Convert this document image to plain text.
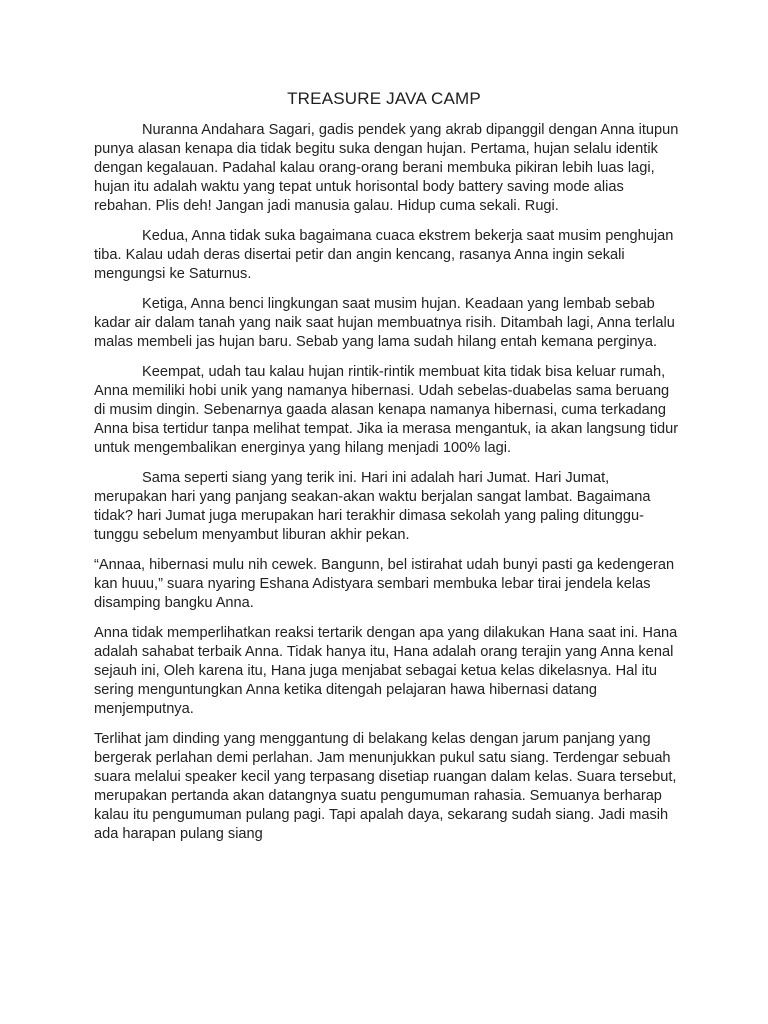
TREASURE JAVA CAMP

Nuranna Andahara Sagari, gadis pendek yang akrab dipanggil dengan Anna itupun punya alasan kenapa dia tidak begitu suka dengan hujan. Pertama, hujan selalu identik dengan kegalauan. Padahal kalau orang-orang berani membuka pikiran lebih luas lagi, hujan itu adalah waktu yang tepat untuk horisontal body battery saving mode alias rebahan. Plis deh! Jangan jadi manusia galau. Hidup cuma sekali. Rugi.

Kedua, Anna tidak suka bagaimana cuaca ekstrem bekerja saat musim penghujan tiba. Kalau udah deras disertai petir dan angin kencang, rasanya Anna ingin sekali mengungsi ke Saturnus.

Ketiga, Anna benci lingkungan saat musim hujan. Keadaan yang lembab sebab kadar air dalam tanah yang naik saat hujan membuatnya risih. Ditambah lagi, Anna terlalu malas membeli jas hujan baru. Sebab yang lama sudah hilang entah kemana perginya.

Keempat, udah tau kalau hujan rintik-rintik membuat kita tidak bisa keluar rumah, Anna memiliki hobi unik yang namanya hibernasi. Udah sebelas-duabelas sama beruang di musim dingin. Sebenarnya gaada alasan kenapa namanya hibernasi, cuma terkadang Anna bisa tertidur tanpa melihat tempat. Jika ia merasa mengantuk, ia akan langsung tidur untuk mengembalikan energinya yang hilang menjadi 100% lagi.

Sama seperti siang yang terik ini. Hari ini adalah hari Jumat. Hari Jumat, merupakan hari yang panjang seakan-akan waktu berjalan sangat lambat. Bagaimana tidak? hari Jumat juga merupakan hari terakhir dimasa sekolah yang paling ditunggu-tunggu sebelum menyambut liburan akhir pekan.

“Annaa, hibernasi mulu nih cewek. Bangunn, bel istirahat udah bunyi pasti ga kedengeran kan huuu,” suara nyaring Eshana Adistyara sembari membuka lebar tirai jendela kelas disamping bangku Anna.

Anna tidak memperlihatkan reaksi tertarik dengan apa yang dilakukan Hana saat ini. Hana adalah sahabat terbaik Anna. Tidak hanya itu, Hana adalah orang terajin yang Anna kenal sejauh ini, Oleh karena itu, Hana juga menjabat sebagai ketua kelas dikelasnya. Hal itu sering menguntungkan Anna ketika ditengah pelajaran hawa hibernasi datang menjemputnya.

Terlihat jam dinding yang menggantung di belakang kelas dengan jarum panjang yang bergerak perlahan demi perlahan. Jam menunjukkan pukul satu siang. Terdengar sebuah suara melalui speaker kecil yang terpasang disetiap ruangan dalam kelas. Suara tersebut, merupakan pertanda akan datangnya suatu pengumuman rahasia. Semuanya berharap kalau itu pengumuman pulang pagi. Tapi apalah daya, sekarang sudah siang. Jadi masih ada harapan pulang siang
